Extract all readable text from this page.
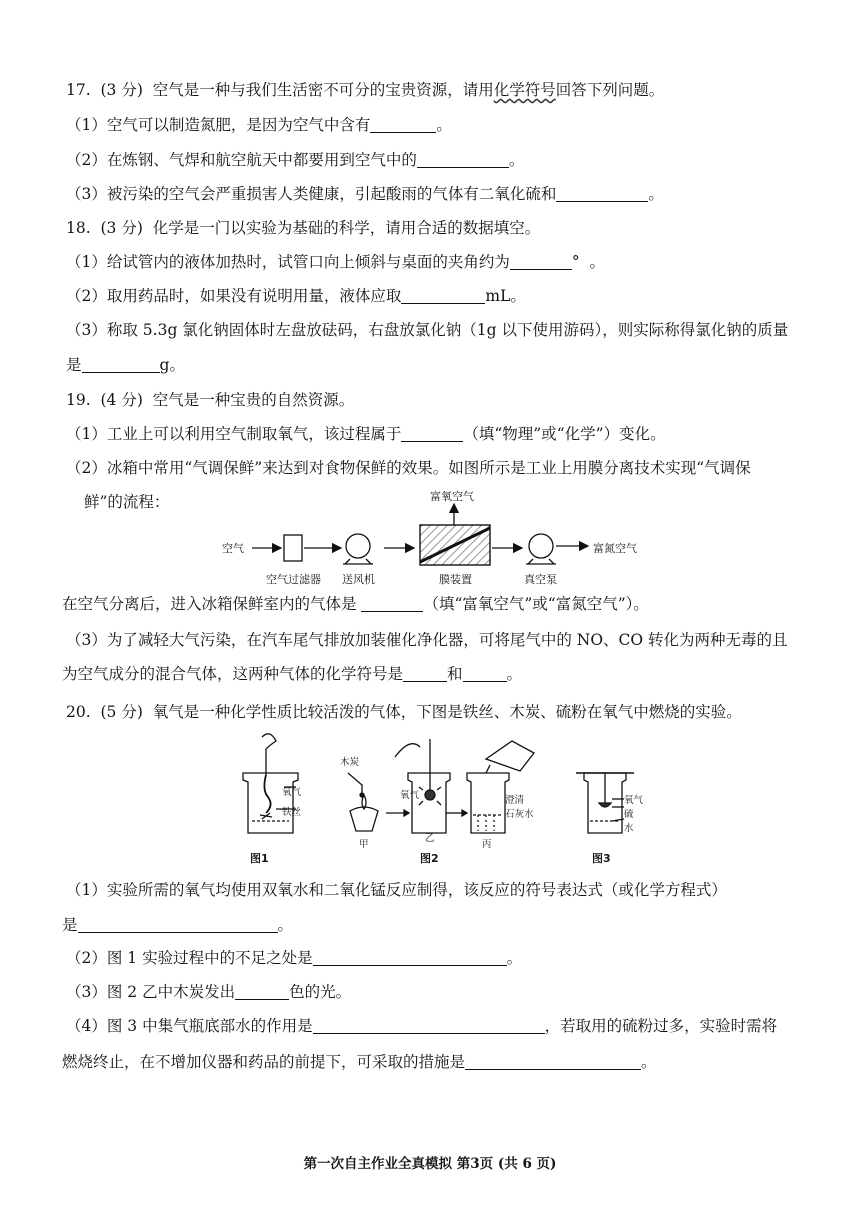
17.  (3 分)  空气是一种与我们生活密不可分的宝贵资源，请用化学符号回答下列问题。
（1）空气可以制造氮肥，是因为空气中含有	。
（2）在炼钢、气焊和航空航天中都要用到空气中的	。
（3）被污染的空气会严重损害人类健康，引起酸雨的气体有二氧化硫和	。
18.  (3 分)  化学是一门以实验为基础的科学，请用合适的数据填空。
（1）给试管内的液体加热时，试管口向上倾斜与桌面的夹角约为	°  。
（2）取用药品时，如果没有说明用量，液体应取	mL。
（3）称取 5.3g 氯化钠固体时左盘放砝码，右盘放氯化钠（1g 以下使用游码），则实际称得氯化钠的质量
是	g。
19.  (4 分)  空气是一种宝贵的自然资源。
（1）工业上可以利用空气制取氧气，该过程属于	（填“物理”或“化学”）变化。
（2）冰箱中常用“气调保鲜”来达到对食物保鲜的效果。如图所示是工业上用膜分离技术实现“气调保
鲜”的流程：
空气
空气过滤器 送风机	膜装置	真空泵
富氧空气
富氮空气
在空气分离后，进入冰箱保鲜室内的气体是	（填“富氧空气”或“富氮空气”）。
（3）为了减轻大气污染，在汽车尾气排放加装催化净化器，可将尾气中的 NO、CO 转化为两种无毒的且
为空气成分的混合气体，这两种气体的化学符号是	和	。
20.  (5 分)  氧气是一种化学性质比较活泼的气体，下图是铁丝、木炭、硫粉在氧气中燃烧的实验。
氧气
铁丝
木炭
氧气	澄清
石灰水
甲
乙
丙
氧气
硫
水
图1	图2	图3
（1）实验所需的氧气均使用双氧水和二氧化锰反应制得，该反应的符号表达式（或化学方程式）
是	。
（2）图 1 实验过程中的不足之处是	。
（3）图 2 乙中木炭发出	色的光。
（4）图 3 中集气瓶底部水的作用是	，若取用的硫粉过多，实验时需将
燃烧终止，在不增加仪器和药品的前提下，可采取的措施是	。
第一次自主作业全真模拟 第3页 (共 6 页)
